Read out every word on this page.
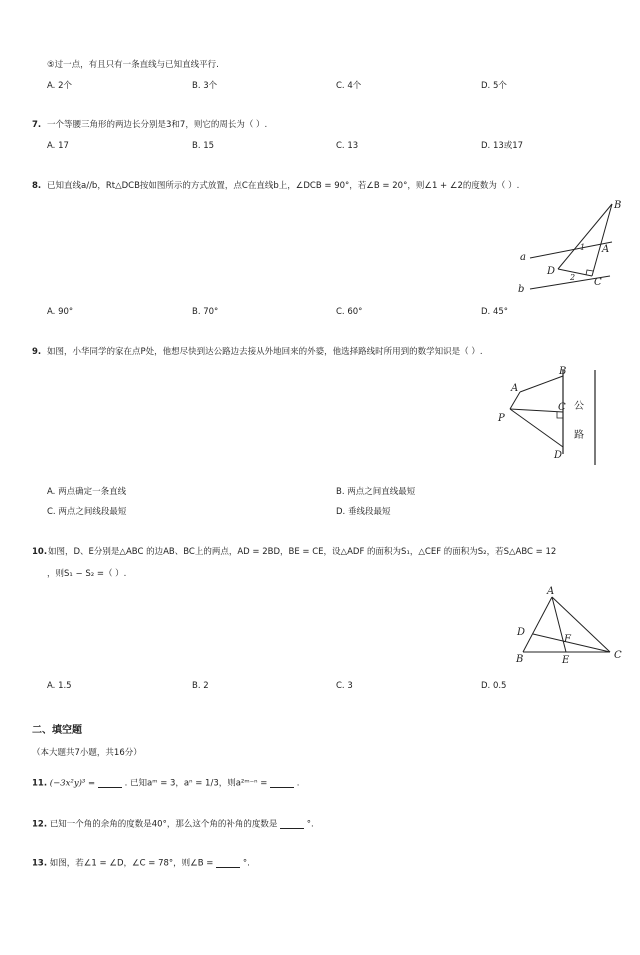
⑤过一点，有且只有一条直线与已知直线平行.
A. 2个	B. 3个	C. 4个	D. 5个
7. 一个等腰三角形的两边长分别是3和7，则它的周长为（ ）.
A. 17	B. 15	C. 13	D. 13或17
8. 已知直线a//b，Rt△DCB按如图所示的方式放置，点C在直线b上，∠DCB = 90°，若∠B = 20°，则∠1 + ∠2的度数为（ ）.
B
A
D
C
a
b
1
2
A. 90°	B. 70°	C. 60°	D. 45°
9. 如图，小华同学的家在点P处，他想尽快到达公路边去接从外地回来的外婆，他选择路线时所用到的数学知识是（ ）.
A
B
C
D
P
公
路
A. 两点确定一条直线	B. 两点之间直线最短
C. 两点之间线段最短	D. 垂线段最短
10. 如图，D、E分别是△ABC 的边AB、BC上的两点，AD = 2BD，BE = CE，设△ADF 的面积为S₁，△CEF 的面积为S₂，若S△ABC = 12
，则S₁ − S₂ =（ ）.
A
B	C
D
E
F
A. 1.5	B. 2	C. 3	D. 0.5
二、填空题
（本大题共7小题，共16分）
11. (−3x²y)³ =	. 已知aᵐ = 3，aⁿ = 1/3，则a²ᵐ⁻ⁿ =	.
12. 已知一个角的余角的度数是40°，那么这个角的补角的度数是	°.
13. 如图，若∠1 = ∠D，∠C = 78°，则∠B =	°.
